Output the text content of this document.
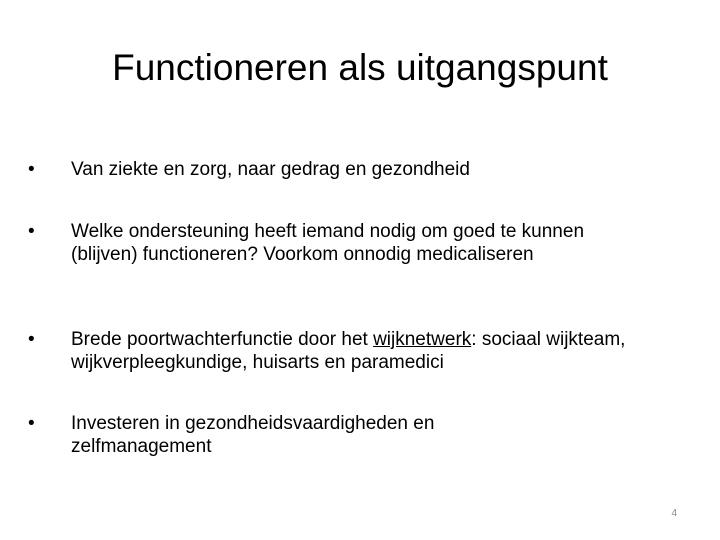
Functioneren als uitgangspunt
•	Van ziekte en zorg, naar gedrag en gezondheid
•	Welke ondersteuning heeft iemand nodig om goed te kunnen (blijven) functioneren? Voorkom onnodig medicaliseren
•	Brede poortwachterfunctie door het wijknetwerk: sociaal wijkteam, wijkverpleegkundige, huisarts en paramedici
•	Investeren in gezondheidsvaardigheden en zelfmanagement
4
